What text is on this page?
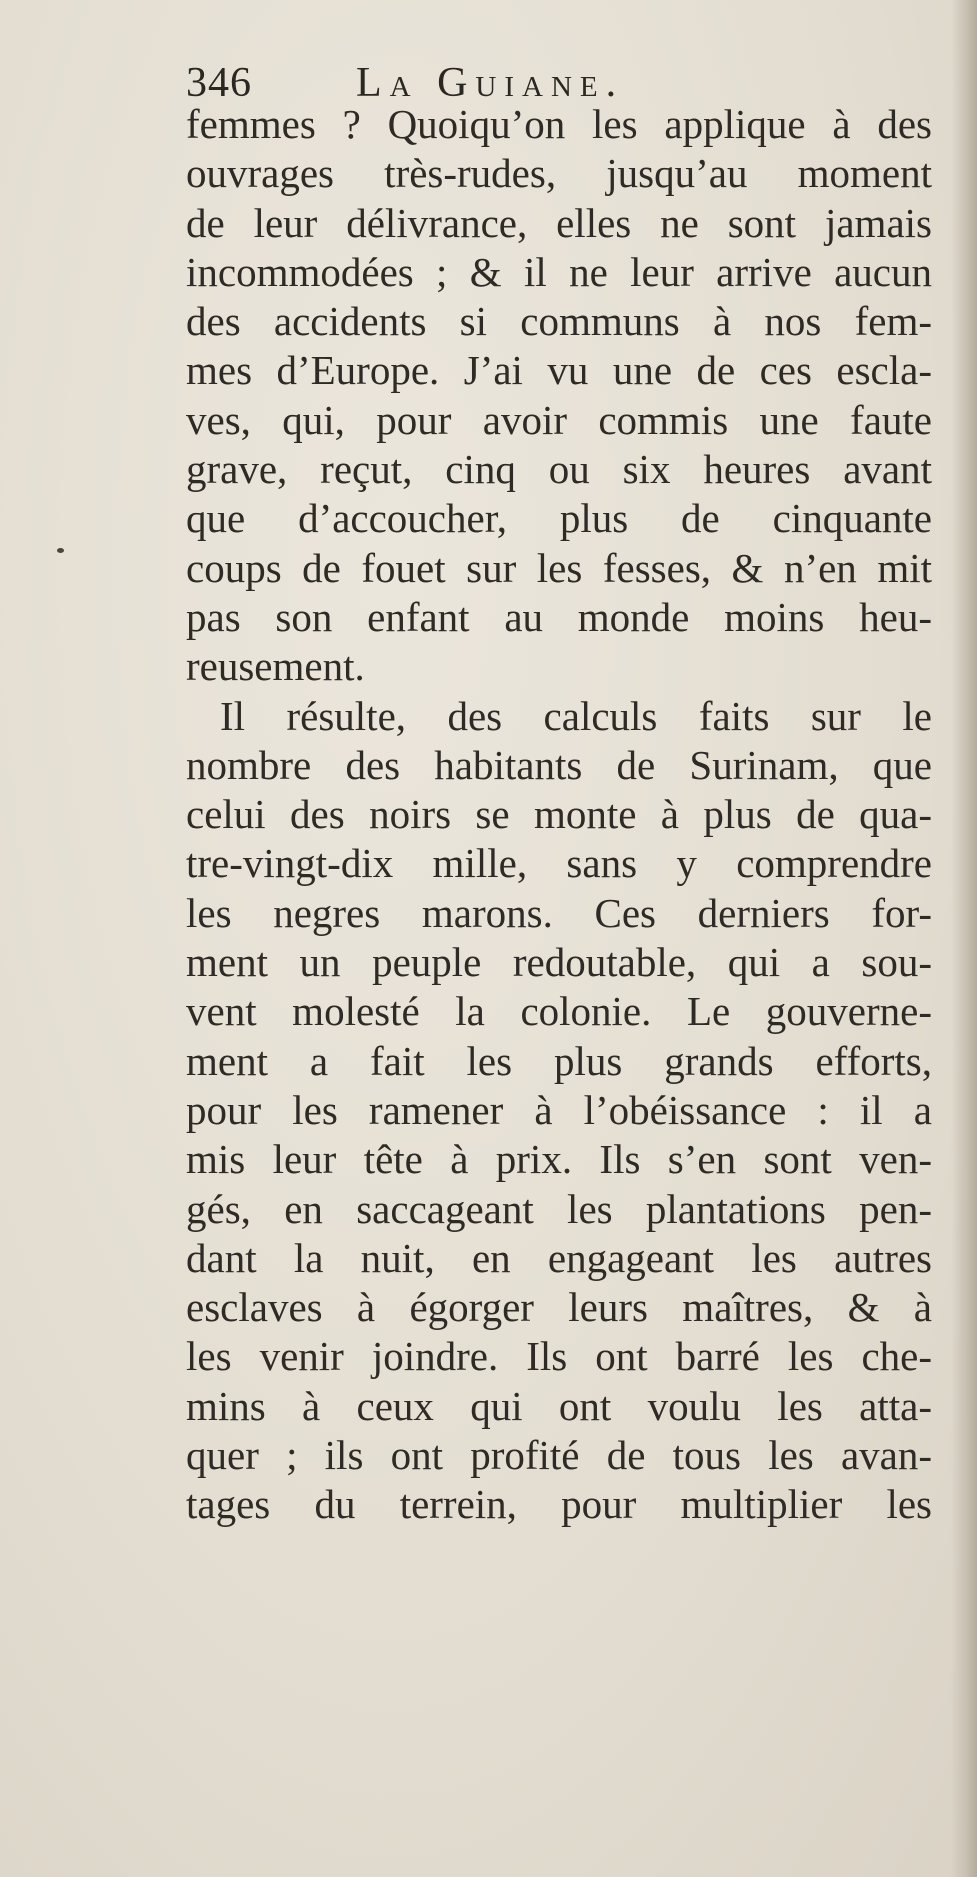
346 La Guiane.
femmes ? Quoiqu’on les applique à des
ouvrages très-rudes, jusqu’au moment
de leur délivrance, elles ne sont jamais
incommodées ; & il ne leur arrive aucun
des accidents si communs à nos fem-
mes d’Europe. J’ai vu une de ces escla-
ves, qui, pour avoir commis une faute
grave, reçut, cinq ou six heures avant
que d’accoucher, plus de cinquante
coups de fouet sur les fesses, & n’en mit
pas son enfant au monde moins heu-
reusement.
Il résulte, des calculs faits sur le
nombre des habitants de Surinam, que
celui des noirs se monte à plus de qua-
tre-vingt-dix mille, sans y comprendre
les negres marons. Ces derniers for-
ment un peuple redoutable, qui a sou-
vent molesté la colonie. Le gouverne-
ment a fait les plus grands efforts,
pour les ramener à l’obéissance : il a
mis leur tête à prix. Ils s’en sont ven-
gés, en saccageant les plantations pen-
dant la nuit, en engageant les autres
esclaves à égorger leurs maîtres, & à
les venir joindre. Ils ont barré les che-
mins à ceux qui ont voulu les atta-
quer ; ils ont profité de tous les avan-
tages du terrein, pour multiplier les
